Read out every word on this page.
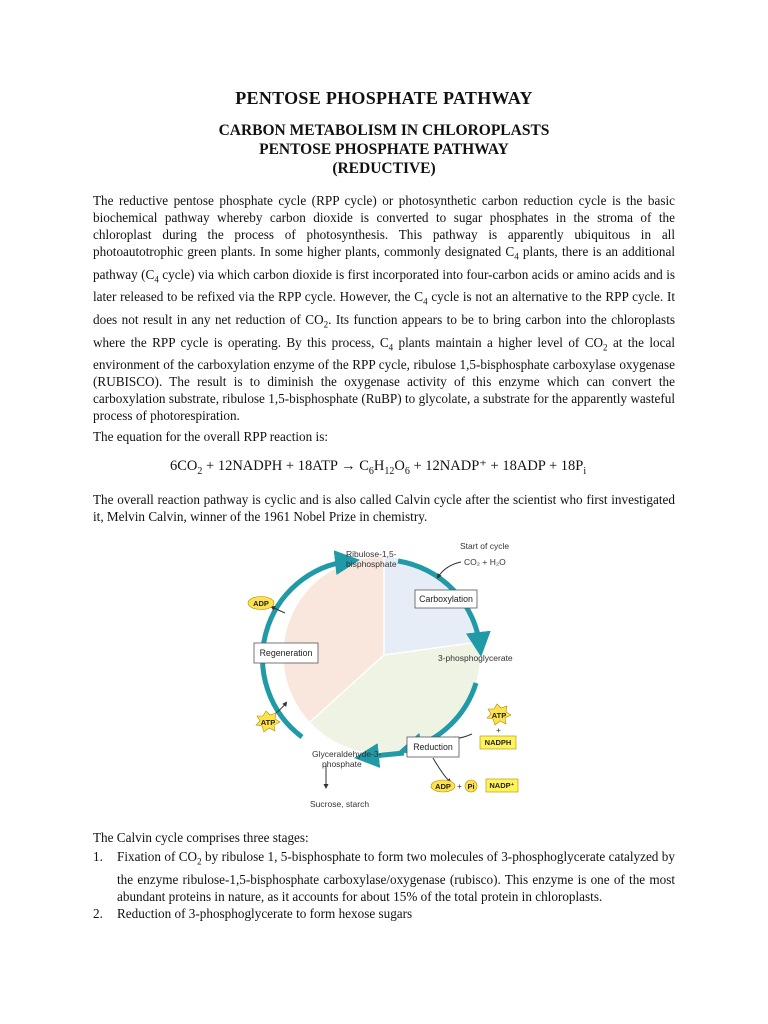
PENTOSE PHOSPHATE PATHWAY
CARBON METABOLISM IN CHLOROPLASTS
PENTOSE PHOSPHATE PATHWAY
(REDUCTIVE)
The reductive pentose phosphate cycle (RPP cycle) or photosynthetic carbon reduction cycle is the basic biochemical pathway whereby carbon dioxide is converted to sugar phosphates in the stroma of the chloroplast during the process of photosynthesis. This pathway is apparently ubiquitous in all photoautotrophic green plants. In some higher plants, commonly designated $C_4$ plants, there is an additional pathway ($C_4$ cycle) via which carbon dioxide is first incorporated into four-carbon acids or amino acids and is later released to be refixed via the RPP cycle. However, the $C_4$ cycle is not an alternative to the RPP cycle. It does not result in any net reduction of $CO_2$. Its function appears to be to bring carbon into the chloroplasts where the RPP cycle is operating. By this process, $C_4$ plants maintain a higher level of $CO_2$ at the local environment of the carboxylation enzyme of the RPP cycle, ribulose 1,5-bisphosphate carboxylase oxygenase (RUBISCO). The result is to diminish the oxygenase activity of this enzyme which can convert the carboxylation substrate, ribulose 1,5-bisphosphate (RuBP) to glycolate, a substrate for the apparently wasteful process of photorespiration.
The equation for the overall RPP reaction is:
$6CO_2$ + 12NADPH + $18ATP \to C_6H_{12}O_6$ + 12NADP⁺ + $18ADP + 18P_i$
The overall reaction pathway is cyclic and is also called Calvin cycle after the scientist who first investigated it, Melvin Calvin, winner of the 1961 Nobel Prize in chemistry.
Ribulose-1,5-
bisphosphate
Start of cycle
CO₂ + H₂O
3-phosphoglycerate
Glyceraldehyde-3-
phosphate
Sucrose, starch
Carboxylation
Regeneration
Reduction
ADP
ATP
ATP
+
NADPH
ADP + Pi NADP⁺
The Calvin cycle comprises three stages:
1. Fixation of $CO_2$ by ribulose 1, 5-bisphosphate to form two molecules of 3-phosphoglycerate catalyzed by the enzyme ribulose-1,5-bisphosphate carboxylase/oxygenase (rubisco). This enzyme is one of the most abundant proteins in nature, as it accounts for about 15% of the total protein in chloroplasts.
2. Reduction of 3-phosphoglycerate to form hexose sugars
